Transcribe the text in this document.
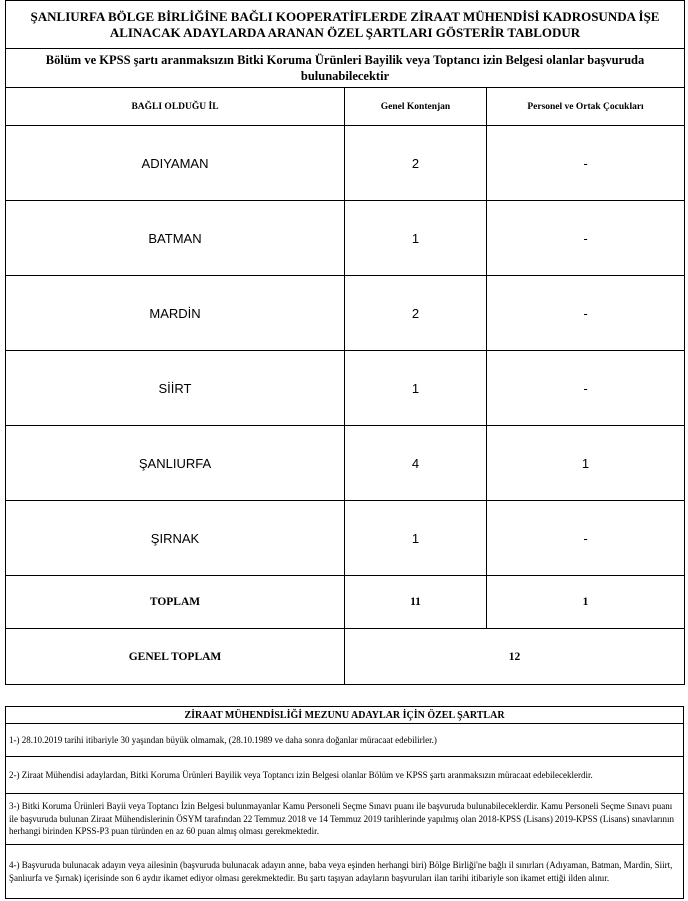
ŞANLIURFA BÖLGE BİRLİĞİNE BAĞLI KOOPERATİFLERDE ZİRAAT MÜHENDİSİ KADROSUNDA İŞE ALINACAK ADAYLARDA ARANAN ÖZEL ŞARTLARI GÖSTERİR TABLODUR		
Bölüm ve KPSS şartı aranmaksızın Bitki Koruma Ürünleri Bayilik veya Toptancı izin Belgesi olanlar başvuruda bulunabilecektir		
BAĞLI OLDUĞU İL	Genel Kontenjan	Personel ve Ortak Çocukları
ADIYAMAN	2	-
BATMAN	1	-
MARDİN	2	-
SİİRT	1	-
ŞANLIURFA	4	1
ŞIRNAK	1	-
TOPLAM	11	1
GENEL TOPLAM	12	
ZİRAAT MÜHENDİSLİĞİ MEZUNU ADAYLAR İÇİN ÖZEL ŞARTLAR
1-) 28.10.2019 tarihi itibariyle 30 yaşından büyük olmamak, (28.10.1989 ve daha sonra doğanlar müracaat edebilirler.)
2-) Ziraat Mühendisi adaylardan, Bitki Koruma Ürünleri Bayilik veya Toptancı izin Belgesi olanlar Bölüm ve KPSS şartı aranmaksızın müracaat edebileceklerdir.
3-) Bitki Koruma Ürünleri Bayii veya Toptancı İzin Belgesi bulunmayanlar Kamu Personeli Seçme Sınavı puanı ile başvuruda bulunabileceklerdir. Kamu Personeli Seçme Sınavı puanı ile başvuruda bulunan Ziraat Mühendislerinin ÖSYM tarafından 22 Temmuz 2018 ve 14 Temmuz 2019 tarihlerinde yapılmış olan 2018-KPSS (Lisans) 2019-KPSS (Lisans) sınavlarının herhangi birinden KPSS-P3 puan türünden en az 60 puan almış olması gerekmektedir.
4-) Başvuruda bulunacak adayın veya ailesinin (başvuruda bulunacak adayın anne, baba veya eşinden herhangi biri) Bölge Birliği'ne bağlı il sınırları (Adıyaman, Batman, Mardin, Siirt, Şanlıurfa ve Şırnak) içerisinde son 6 aydır ikamet ediyor olması gerekmektedir. Bu şartı taşıyan adayların başvuruları ilan tarihi itibariyle son ikamet ettiği ilden alınır.
